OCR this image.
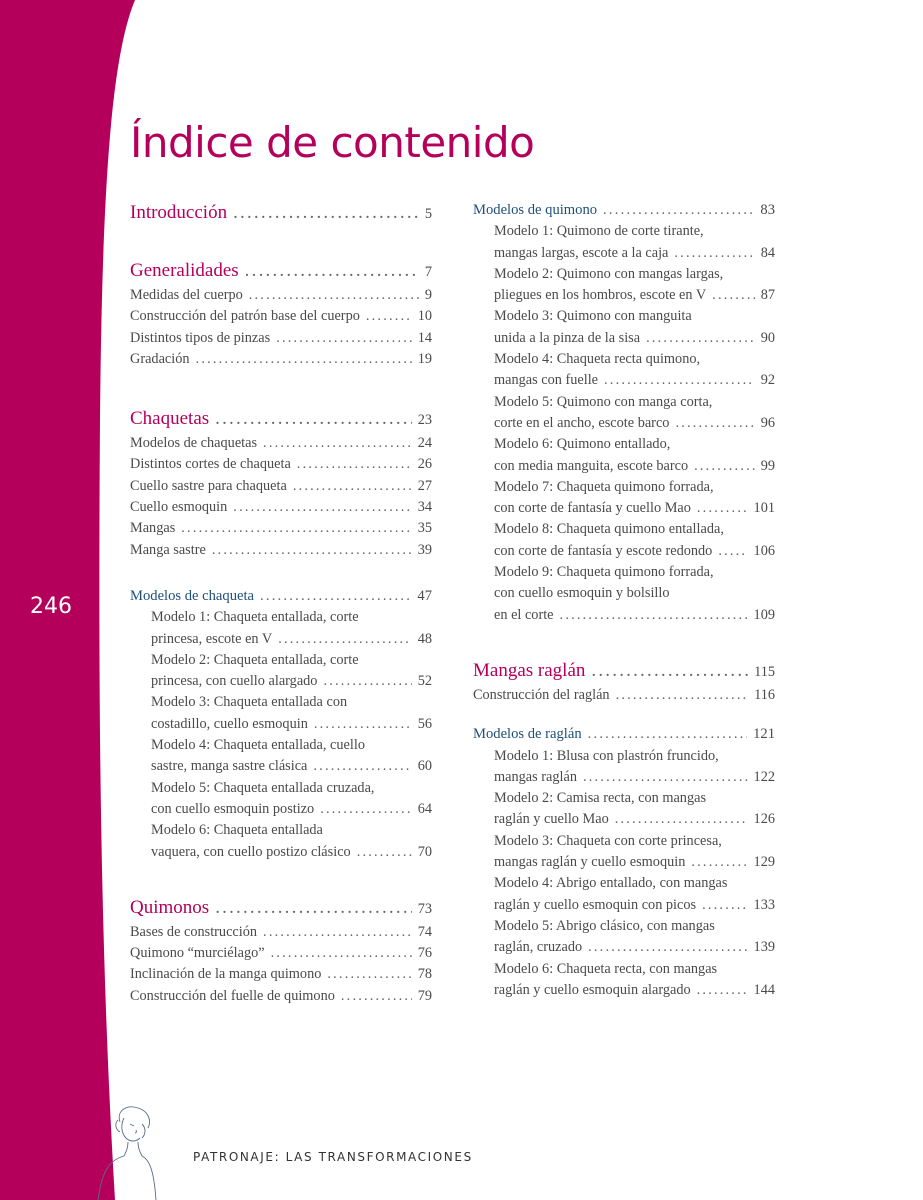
246
PATRONAJE: LAS TRANSFORMACIONES
Índice de contenido
Introducción .....	5
Generalidades .....	7
Medidas del cuerpo .....	9
Construcción del patrón base del cuerpo .....	10
Distintos tipos de pinzas .....	14
Gradación .....	19
Chaquetas .....	23
Modelos de chaquetas .....	24
Distintos cortes de chaqueta .....	26
Cuello sastre para chaqueta .....	27
Cuello esmoquin .....	34
Mangas .....	35
Manga sastre .....	39
Modelos de chaqueta .....	47
Modelo 1: Chaqueta entallada, corte
princesa, escote en V .....	48
Modelo 2: Chaqueta entallada, corte
princesa, con cuello alargado .....	52
Modelo 3: Chaqueta entallada con
costadillo, cuello esmoquin .....	56
Modelo 4: Chaqueta entallada, cuello
sastre, manga sastre clásica .....	60
Modelo 5: Chaqueta entallada cruzada,
con cuello esmoquin postizo .....	64
Modelo 6: Chaqueta entallada
vaquera, con cuello postizo clásico .....	70
Quimonos .....	73
Bases de construcción .....	74
Quimono “murciélago” .....	76
Inclinación de la manga quimono .....	78
Construcción del fuelle de quimono .....	79
Modelos de quimono .....	83
Modelo 1: Quimono de corte tirante,
mangas largas, escote a la caja .....	84
Modelo 2: Quimono con mangas largas,
pliegues en los hombros, escote en V .....	87
Modelo 3: Quimono con manguita
unida a la pinza de la sisa .....	90
Modelo 4: Chaqueta recta quimono,
mangas con fuelle .....	92
Modelo 5: Quimono con manga corta,
corte en el ancho, escote barco .....	96
Modelo 6: Quimono entallado,
con media manguita, escote barco .....	99
Modelo 7: Chaqueta quimono forrada,
con corte de fantasía y cuello Mao .....	101
Modelo 8: Chaqueta quimono entallada,
con corte de fantasía y escote redondo .....	106
Modelo 9: Chaqueta quimono forrada,
con cuello esmoquin y bolsillo
en el corte .....	109
Mangas raglán .....	115
Construcción del raglán .....	116
Modelos de raglán .....	121
Modelo 1: Blusa con plastrón fruncido,
mangas raglán .....	122
Modelo 2: Camisa recta, con mangas
raglán y cuello Mao .....	126
Modelo 3: Chaqueta con corte princesa,
mangas raglán y cuello esmoquin .....	129
Modelo 4: Abrigo entallado, con mangas
raglán y cuello esmoquin con picos .....	133
Modelo 5: Abrigo clásico, con mangas
raglán, cruzado .....	139
Modelo 6: Chaqueta recta, con mangas
raglán y cuello esmoquin alargado .....	144
